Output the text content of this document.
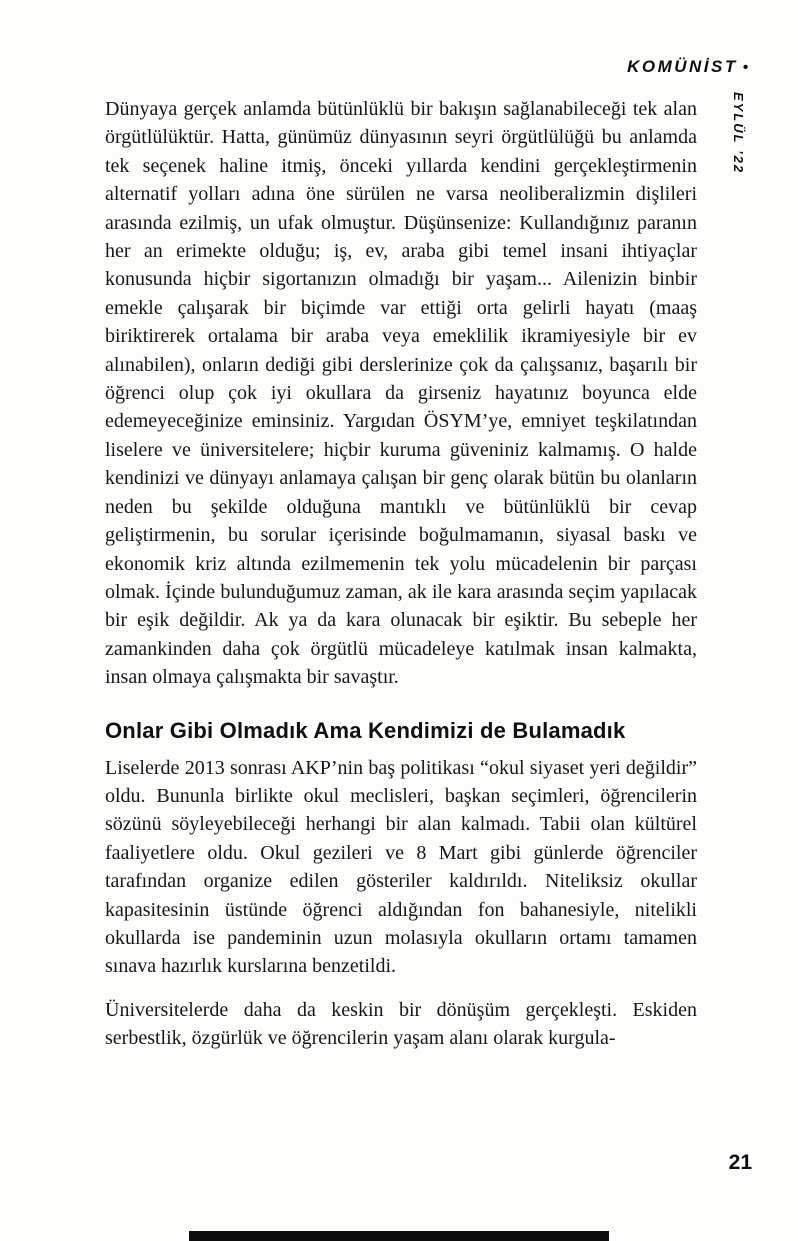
KOMÜNİST •
EYLÜL ’22

Dünyaya gerçek anlamda bütünlüklü bir bakışın sağlanabileceği tek alan örgütlülüktür. Hatta, günümüz dünyasının seyri örgütlülüğü bu anlamda tek seçenek haline itmiş, önceki yıllarda kendini gerçekleştirmenin alternatif yolları adına öne sürülen ne varsa neoliberalizmin dişlileri arasında ezilmiş, un ufak olmuştur. Düşünsenize: Kullandığınız paranın her an erimekte olduğu; iş, ev, araba gibi temel insani ihtiyaçlar konusunda hiçbir sigortanızın olmadığı bir yaşam... Ailenizin binbir emekle çalışarak bir biçimde var ettiği orta gelirli hayatı (maaş biriktirerek ortalama bir araba veya emeklilik ikramiyesiyle bir ev alınabilen), onların dediği gibi derslerinize çok da çalışsanız, başarılı bir öğrenci olup çok iyi okullara da girseniz hayatınız boyunca elde edemeyeceğinize eminsiniz. Yargıdan ÖSYM’ye, emniyet teşkilatından liselere ve üniversitelere; hiçbir kuruma güveniniz kalmamış. O halde kendinizi ve dünyayı anlamaya çalışan bir genç olarak bütün bu olanların neden bu şekilde olduğuna mantıklı ve bütünlüklü bir cevap geliştirmenin, bu sorular içerisinde boğulmamanın, siyasal baskı ve ekonomik kriz altında ezilmemenin tek yolu mücadelenin bir parçası olmak. İçinde bulunduğumuz zaman, ak ile kara arasında seçim yapılacak bir eşik değildir. Ak ya da kara olunacak bir eşiktir. Bu sebeple her zamankinden daha çok örgütlü mücadeleye katılmak insan kalmakta, insan olmaya çalışmakta bir savaştır.

Onlar Gibi Olmadık Ama Kendimizi de Bulamadık

Liselerde 2013 sonrası AKP’nin baş politikası “okul siyaset yeri değildir” oldu. Bununla birlikte okul meclisleri, başkan seçimleri, öğrencilerin sözünü söyleyebileceği herhangi bir alan kalmadı. Tabii olan kültürel faaliyetlere oldu. Okul gezileri ve 8 Mart gibi günlerde öğrenciler tarafından organize edilen gösteriler kaldırıldı. Niteliksiz okullar kapasitesinin üstünde öğrenci aldığından fon bahanesiyle, nitelikli okullarda ise pandeminin uzun molasıyla okulların ortamı tamamen sınava hazırlık kurslarına benzetildi.

Üniversitelerde daha da keskin bir dönüşüm gerçekleşti. Eskiden serbestlik, özgürlük ve öğrencilerin yaşam alanı olarak kurgula-

21
